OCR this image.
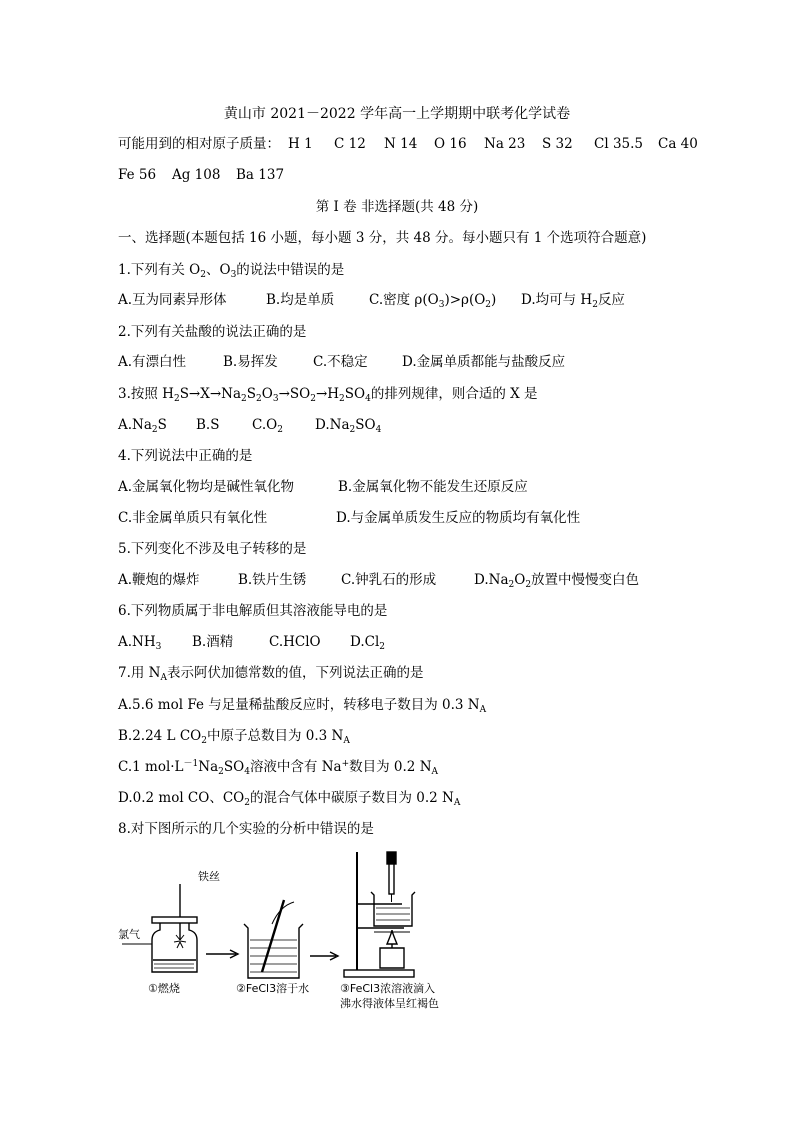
黄山市 2021－2022 学年高一上学期期中联考化学试卷
可能用到的相对原子质量： H 1 C 12 N 14 O 16 Na 23 S 32 Cl 35.5 Ca 40
Fe 56 Ag 108 Ba 137
第 I 卷 非选择题(共 48 分)
一、选择题(本题包括 16 小题，每小题 3 分，共 48 分。每小题只有 1 个选项符合题意)
1.下列有关 $O_2$、$O_3$的说法中错误的是
A.互为同素异形体	B.均是单质	C.密度 $\rho(O_3)>\rho(O_2)$ D.均可与 $H_2$反应
2.下列有关盐酸的说法正确的是
A.有漂白性	B.易挥发	C.不稳定	D.金属单质都能与盐酸反应
3.按照 $H_2S\to X\to Na_2S_2O_3\to SO_2\to H_2SO_4$的排列规律，则合适的 X 是
$A.Na_2S$ B.S $C.O_2$ $D.Na_2SO_4$
4.下列说法中正确的是
A.金属氧化物均是碱性氧化物	B.金属氧化物不能发生还原反应
C.非金属单质只有氧化性	D.与金属单质发生反应的物质均有氧化性
5.下列变化不涉及电子转移的是
A.鞭炮的爆炸	B.铁片生锈	C.钟乳石的形成	$D.Na_2O_2$放置中慢慢变白色
6.下列物质属于非电解质但其溶液能导电的是
$A.NH_3$ B.酒精	C.HClO $D.Cl_2$
7.用 $N_A$表示阿伏加德常数的值，下列说法正确的是
A.5.6 mol Fe 与足量稀盐酸反应时，转移电子数目为 0.3 $N_A$
B.2.24 L $CO_2$中原子总数目为 0.3 $N_A$
C.1 $mol\cdot L^{-1}Na_2SO_4$溶液中含有 Na+数目为 0.2 $N_A$
D.0.2 mol CO、$CO_2$的混合气体中碳原子数目为 0.2 $N_A$
8.对下图所示的几个实验的分析中错误的是
铁丝
氯气
①燃烧	②FeCl3溶于水	③FeCl3浓溶液滴入
沸水得液体呈红褐色
